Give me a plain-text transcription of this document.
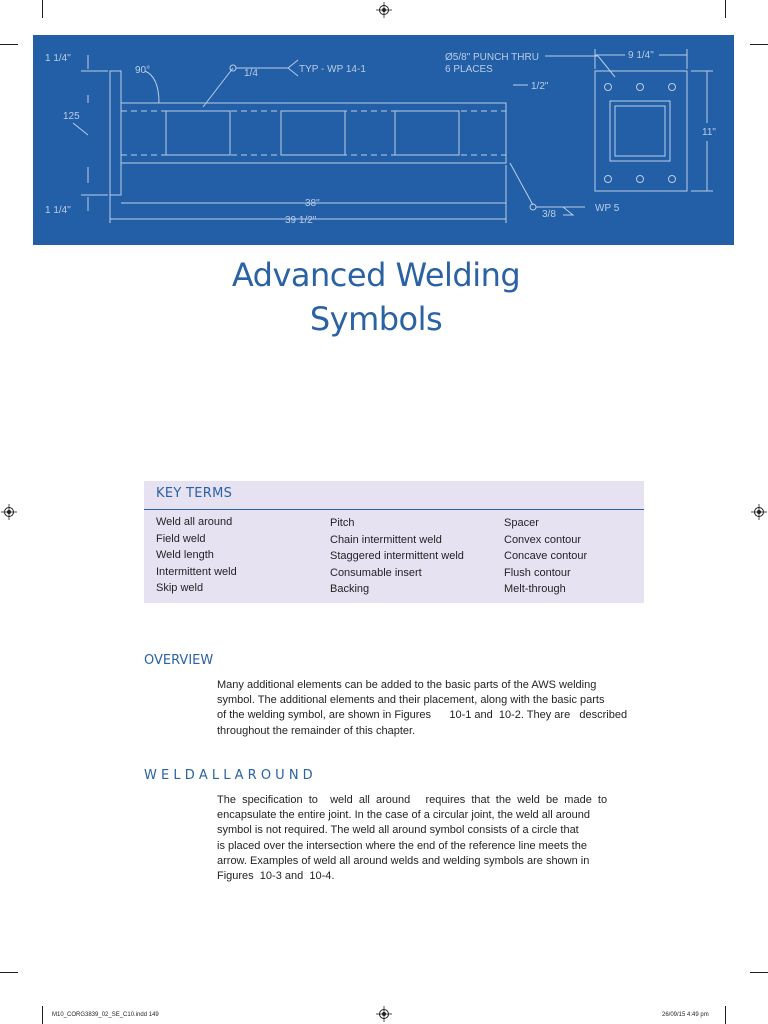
1 1/4"
90°
125
1 1/4"
1/4	TYP - WP 14-1
Ø5/8" PUNCH THRU
6 PLACES
1/2"
38"
39 1/2"
3/8
WP 5
9 1/4"
11"
Advanced Welding
Symbols
KEY TERMS
Weld all around
Field weld
Weld length
Intermittent weld
Skip weld
Pitch
Chain intermittent weld
Staggered intermittent weld
Consumable insert
Backing
Spacer
Convex contour
Concave contour
Flush contour
Melt-through
OVERVIEW
Many additional elements can be added to the basic parts of the AWS welding
symbol. The additional elements and their placement, along with the basic parts
of the welding symbol, are shown in Figures      10-1 and  10-2. They are   described
throughout the remainder of this chapter.
W E L D A L L A R O U N D
The  specification  to    weld  all  around     requires  that  the  weld  be  made  to
encapsulate the entire joint. In the case of a circular joint, the weld all around
symbol is not required. The weld all around symbol consists of a circle that
is placed over the intersection where the end of the reference line meets the
arrow. Examples of weld all around welds and welding symbols are shown in
Figures  10-3 and  10-4.
M10_CORG3839_02_SE_C10.indd 149	26/09/15 4:49 pm
